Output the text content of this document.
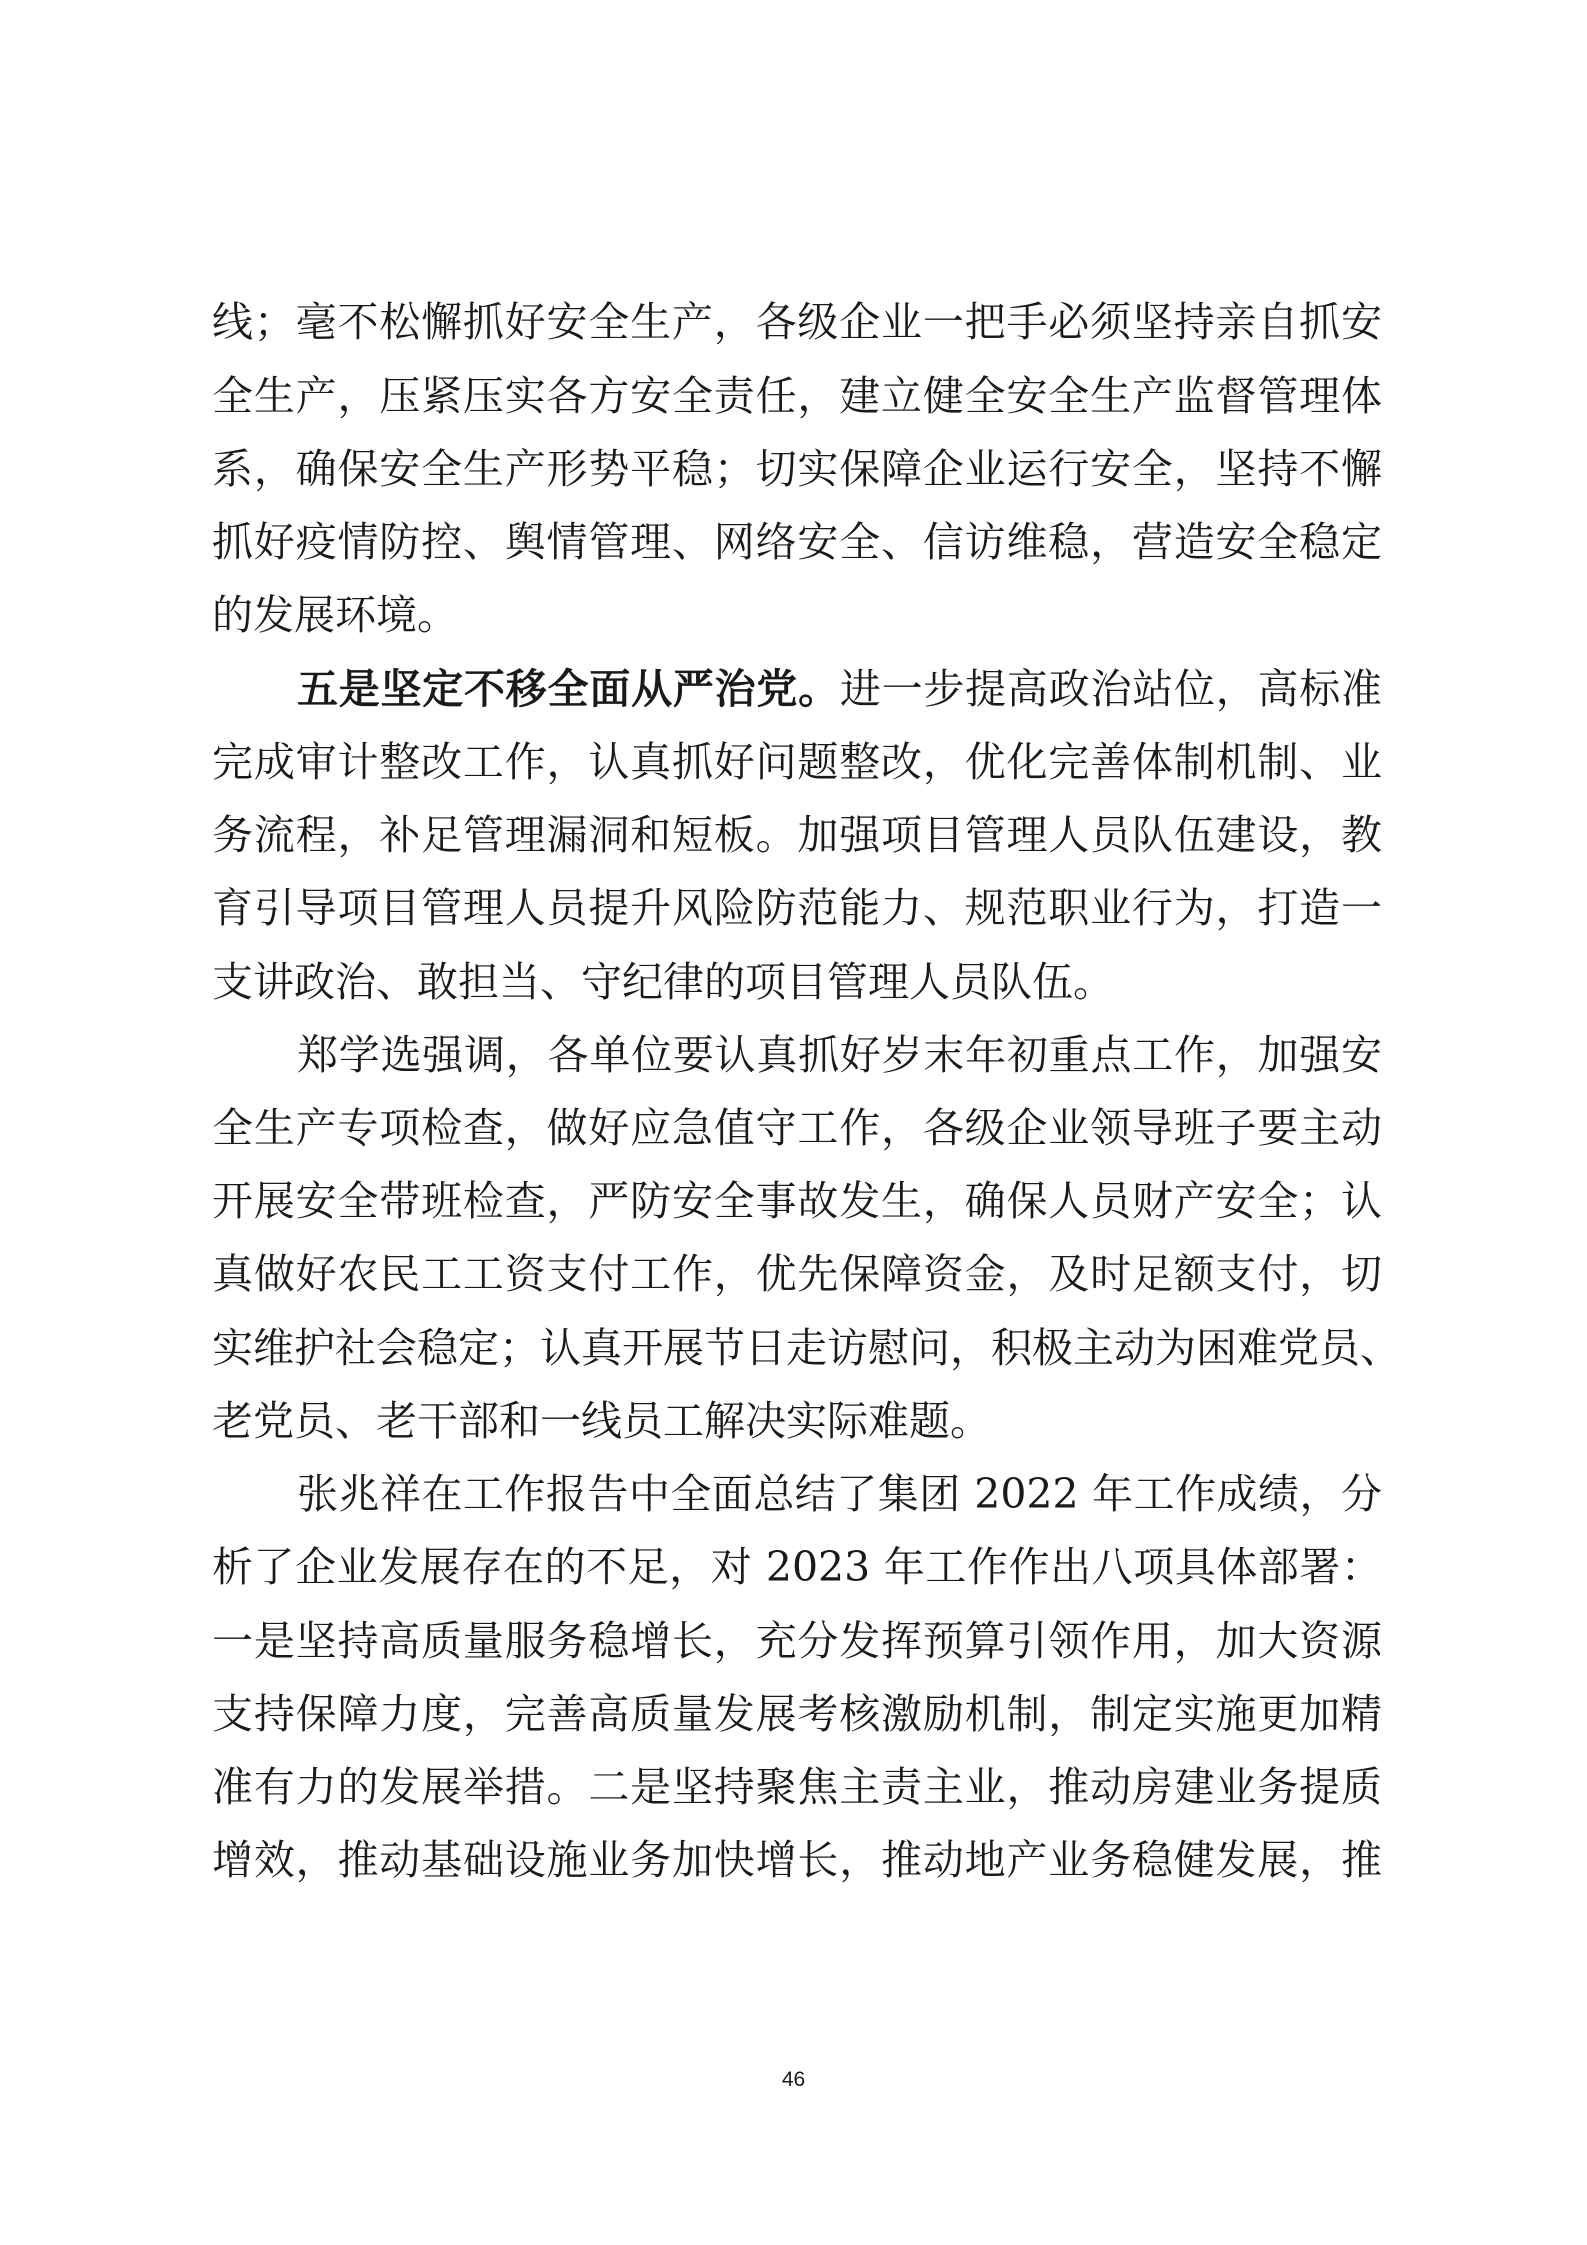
线；毫不松懈抓好安全生产，各级企业一把手必须坚持亲自抓安
全生产，压紧压实各方安全责任，建立健全安全生产监督管理体
系，确保安全生产形势平稳；切实保障企业运行安全，坚持不懈
抓好疫情防控、舆情管理、网络安全、信访维稳，营造安全稳定
的发展环境。
五是坚定不移全面从严治党。进一步提高政治站位，高标准
完成审计整改工作，认真抓好问题整改，优化完善体制机制、业
务流程，补足管理漏洞和短板。加强项目管理人员队伍建设，教
育引导项目管理人员提升风险防范能力、规范职业行为，打造一
支讲政治、敢担当、守纪律的项目管理人员队伍。
郑学选强调，各单位要认真抓好岁末年初重点工作，加强安
全生产专项检查，做好应急值守工作，各级企业领导班子要主动
开展安全带班检查，严防安全事故发生，确保人员财产安全；认
真做好农民工工资支付工作，优先保障资金，及时足额支付，切
实维护社会稳定；认真开展节日走访慰问，积极主动为困难党员、
老党员、老干部和一线员工解决实际难题。
张兆祥在工作报告中全面总结了集团 2022 年工作成绩，分
析了企业发展存在的不足，对 2023 年工作作出八项具体部署：
一是坚持高质量服务稳增长，充分发挥预算引领作用，加大资源
支持保障力度，完善高质量发展考核激励机制，制定实施更加精
准有力的发展举措。二是坚持聚焦主责主业，推动房建业务提质
增效，推动基础设施业务加快增长，推动地产业务稳健发展，推
46
